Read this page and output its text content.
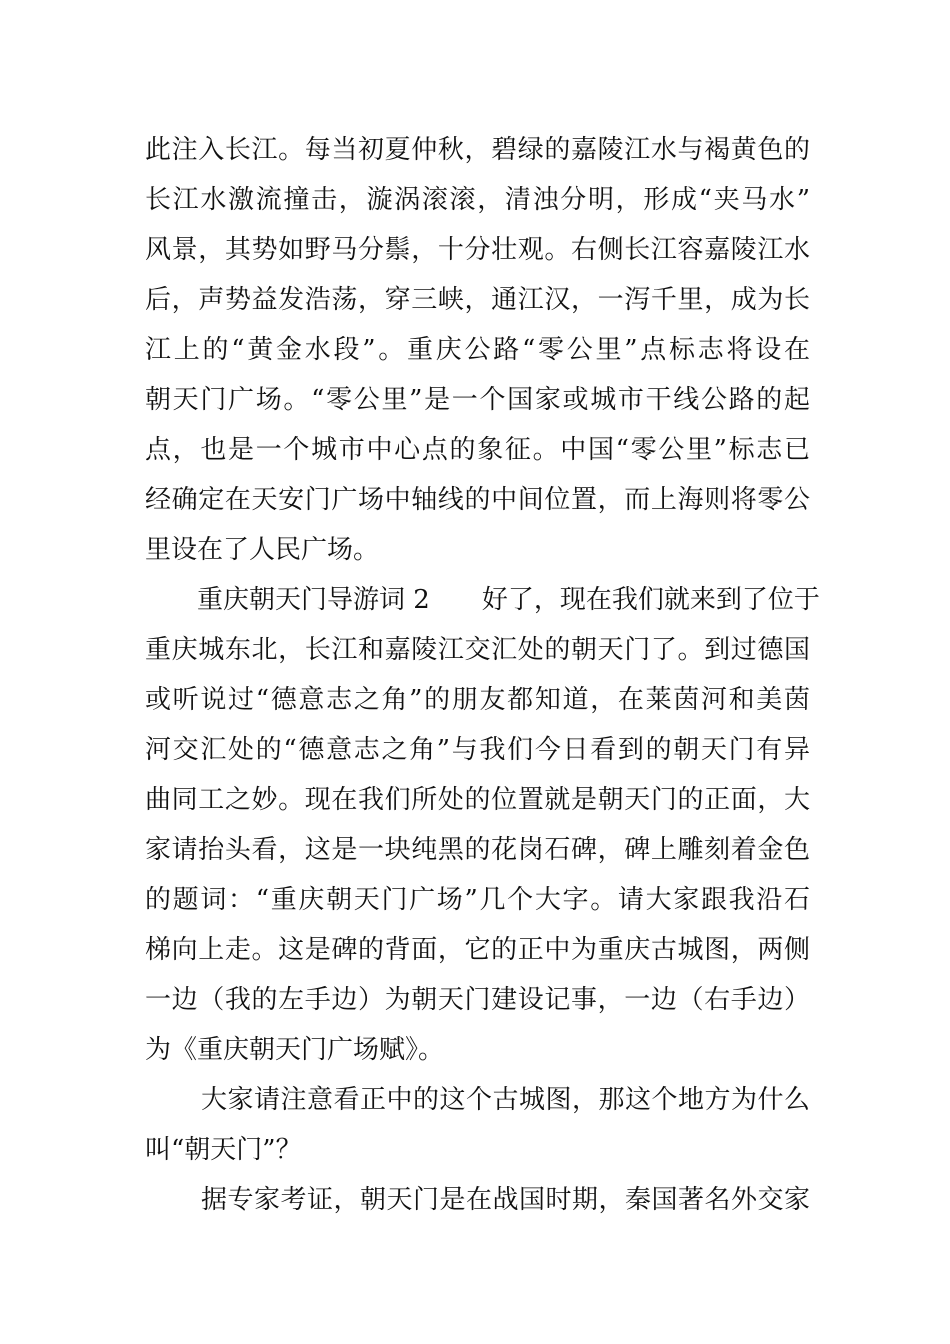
此注入长江。每当初夏仲秋，碧绿的嘉陵江水与褐黄色的
长江水激流撞击，漩涡滚滚，清浊分明，形成“夹马水”
风景，其势如野马分鬃，十分壮观。右侧长江容嘉陵江水
后，声势益发浩荡，穿三峡，通江汉，一泻千里，成为长
江上的“黄金水段”。重庆公路“零公里”点标志将设在
朝天门广场。“零公里”是一个国家或城市干线公路的起
点，也是一个城市中心点的象征。中国“零公里”标志已
经确定在天安门广场中轴线的中间位置，而上海则将零公
里设在了人民广场。
重庆朝天门导游词 2 好了，现在我们就来到了位于
重庆城东北，长江和嘉陵江交汇处的朝天门了。到过德国
或听说过“德意志之角”的朋友都知道，在莱茵河和美茵
河交汇处的“德意志之角”与我们今日看到的朝天门有异
曲同工之妙。现在我们所处的位置就是朝天门的正面，大
家请抬头看，这是一块纯黑的花岗石碑，碑上雕刻着金色
的题词：“重庆朝天门广场”几个大字。请大家跟我沿石
梯向上走。这是碑的背面，它的正中为重庆古城图，两侧
一边（我的左手边）为朝天门建设记事，一边（右手边）
为《重庆朝天门广场赋》。
大家请注意看正中的这个古城图，那这个地方为什么
叫“朝天门”？
据专家考证，朝天门是在战国时期，秦国著名外交家
